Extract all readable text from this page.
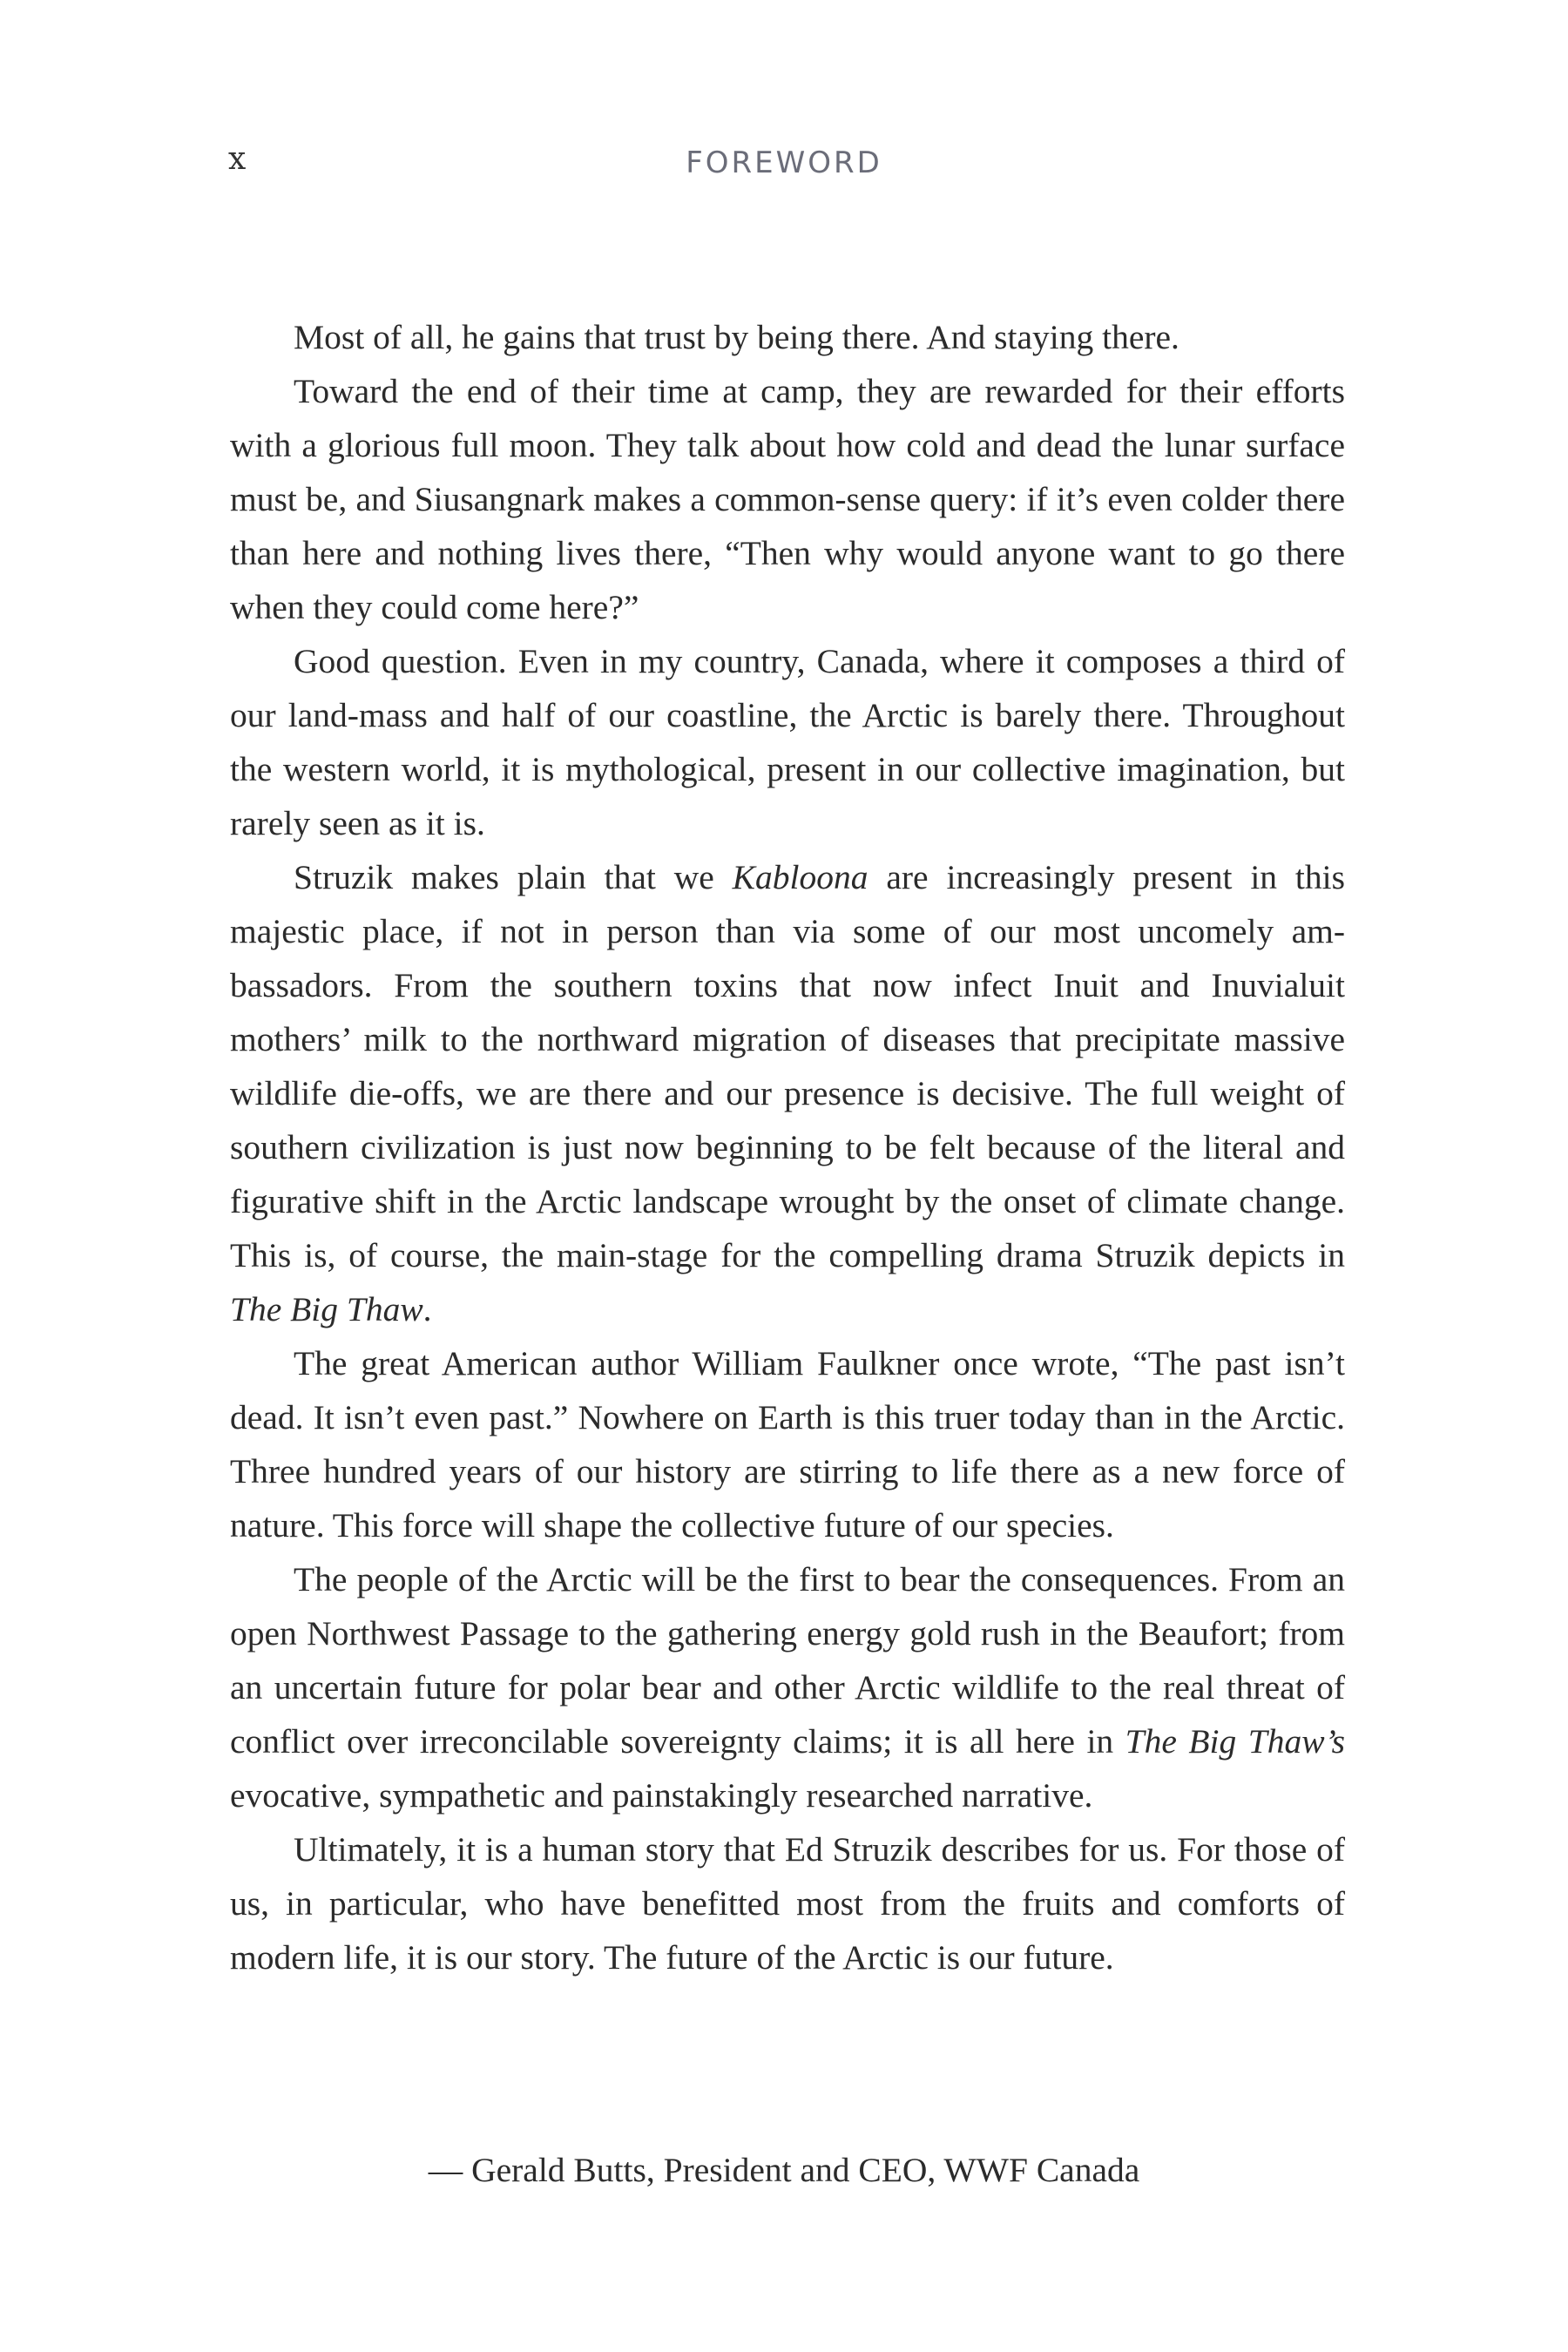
x	FOREWORD

Most of all, he gains that trust by being there. And staying there.

Toward the end of their time at camp, they are rewarded for their efforts with a glorious full moon. They talk about how cold and dead the lunar surface must be, and Siusangnark makes a common-sense query: if it’s even colder there than here and nothing lives there, “Then why would anyone want to go there when they could come here?”

Good question. Even in my country, Canada, where it composes a third of our land-mass and half of our coastline, the Arctic is barely there. Throughout the western world, it is mythological, present in our collective imagination, but rarely seen as it is.

Struzik makes plain that we Kabloona are increasingly present in this majestic place, if not in person than via some of our most uncomely ambassadors. From the southern toxins that now infect Inuit and Inuvialuit mothers’ milk to the northward migration of diseases that precipitate massive wildlife die-offs, we are there and our presence is decisive. The full weight of southern civilization is just now beginning to be felt because of the literal and figurative shift in the Arctic landscape wrought by the onset of climate change. This is, of course, the main-stage for the compelling drama Struzik depicts in The Big Thaw.

The great American author William Faulkner once wrote, “The past isn’t dead. It isn’t even past.” Nowhere on Earth is this truer today than in the Arctic. Three hundred years of our history are stirring to life there as a new force of nature. This force will shape the collective future of our species.

The people of the Arctic will be the first to bear the consequences. From an open Northwest Passage to the gathering energy gold rush in the Beaufort; from an uncertain future for polar bear and other Arctic wildlife to the real threat of conflict over irreconcilable sovereignty claims; it is all here in The Big Thaw’s evocative, sympathetic and painstakingly researched narrative.

Ultimately, it is a human story that Ed Struzik describes for us. For those of us, in particular, who have benefitted most from the fruits and comforts of modern life, it is our story. The future of the Arctic is our future.

— Gerald Butts, President and CEO, WWF Canada
